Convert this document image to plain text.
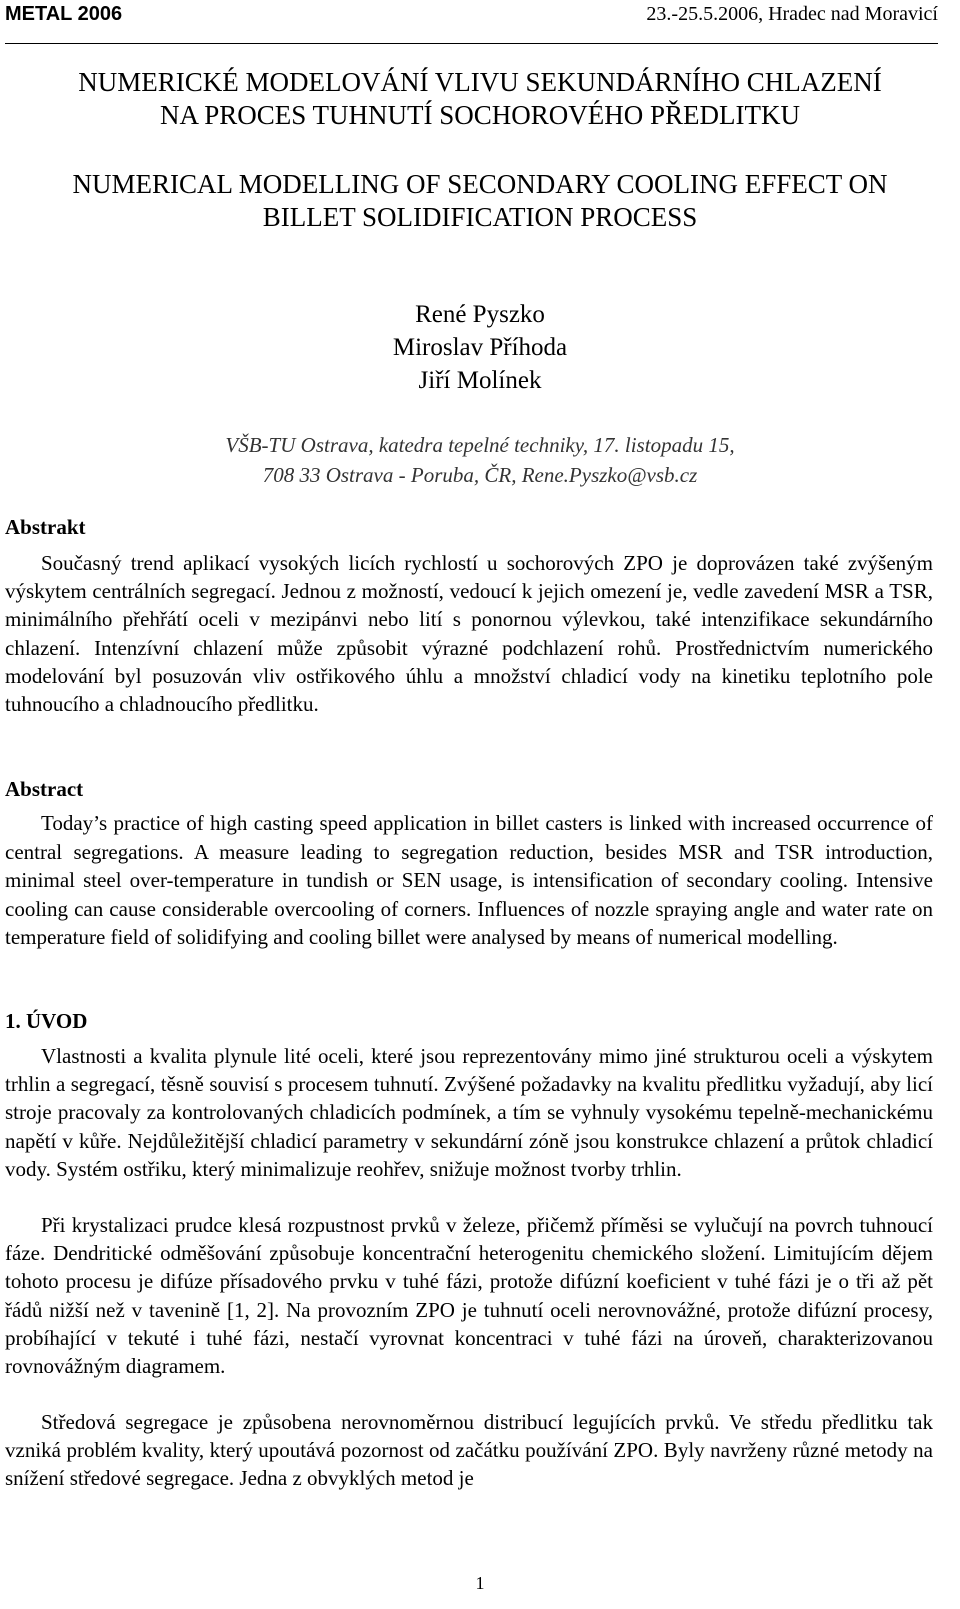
METAL 2006	23.-25.5.2006, Hradec nad Moravicí
NUMERICKÉ MODELOVÁNÍ VLIVU SEKUNDÁRNÍHO CHLAZENÍ
NA PROCES TUHNUTÍ SOCHOROVÉHO PŘEDLITKU
NUMERICAL MODELLING OF SECONDARY COOLING EFFECT ON
BILLET SOLIDIFICATION PROCESS
René Pyszko
Miroslav Příhoda
Jiří Molínek
VŠB-TU Ostrava, katedra tepelné techniky, 17. listopadu 15,
708 33 Ostrava - Poruba, ČR, Rene.Pyszko@vsb.cz
Abstrakt
Současný trend aplikací vysokých licích rychlostí u sochorových ZPO je doprovázen také zvýšeným výskytem centrálních segregací. Jednou z možností, vedoucí k jejich omezení je, vedle zavedení MSR a TSR, minimálního přehřátí oceli v mezipánvi nebo lití s ponornou výlevkou, také intenzifikace sekundárního chlazení. Intenzívní chlazení může způsobit výrazné podchlazení rohů. Prostřednictvím numerického modelování byl posuzován vliv ostřikového úhlu a množství chladicí vody na kinetiku teplotního pole tuhnoucího a chladnoucího předlitku.
Abstract
Today’s practice of high casting speed application in billet casters is linked with increased occurrence of central segregations. A measure leading to segregation reduction, besides MSR and TSR introduction, minimal steel over-temperature in tundish or SEN usage, is intensification of secondary cooling. Intensive cooling can cause considerable overcooling of corners. Influences of nozzle spraying angle and water rate on temperature field of solidifying and cooling billet were analysed by means of numerical modelling.
1. ÚVOD
Vlastnosti a kvalita plynule lité oceli, které jsou reprezentovány mimo jiné strukturou oceli a výskytem trhlin a segregací, těsně souvisí s procesem tuhnutí. Zvýšené požadavky na kvalitu předlitku vyžadují, aby licí stroje pracovaly za kontrolovaných chladicích podmínek, a tím se vyhnuly vysokému tepelně-mechanickému napětí v kůře. Nejdůležitější chladicí parametry v sekundární zóně jsou konstrukce chlazení a průtok chladicí vody. Systém ostřiku, který minimalizuje reohřev, snižuje možnost tvorby trhlin.
Při krystalizaci prudce klesá rozpustnost prvků v železe, přičemž příměsi se vylučují na povrch tuhnoucí fáze. Dendritické odměšování způsobuje koncentrační heterogenitu chemického složení. Limitujícím dějem tohoto procesu je difúze přísadového prvku v tuhé fázi, protože difúzní koeficient v tuhé fázi je o tři až pět řádů nižší než v tavenině [1, 2]. Na provozním ZPO je tuhnutí oceli nerovnovážné, protože difúzní procesy, probíhající v tekuté i tuhé fázi, nestačí vyrovnat koncentraci v tuhé fázi na úroveň, charakterizovanou rovnovážným diagramem.
Středová segregace je způsobena nerovnoměrnou distribucí legujících prvků. Ve středu předlitku tak vzniká problém kvality, který upoutává pozornost od začátku používání ZPO. Byly navrženy různé metody na snížení středové segregace. Jedna z obvyklých metod je
1
